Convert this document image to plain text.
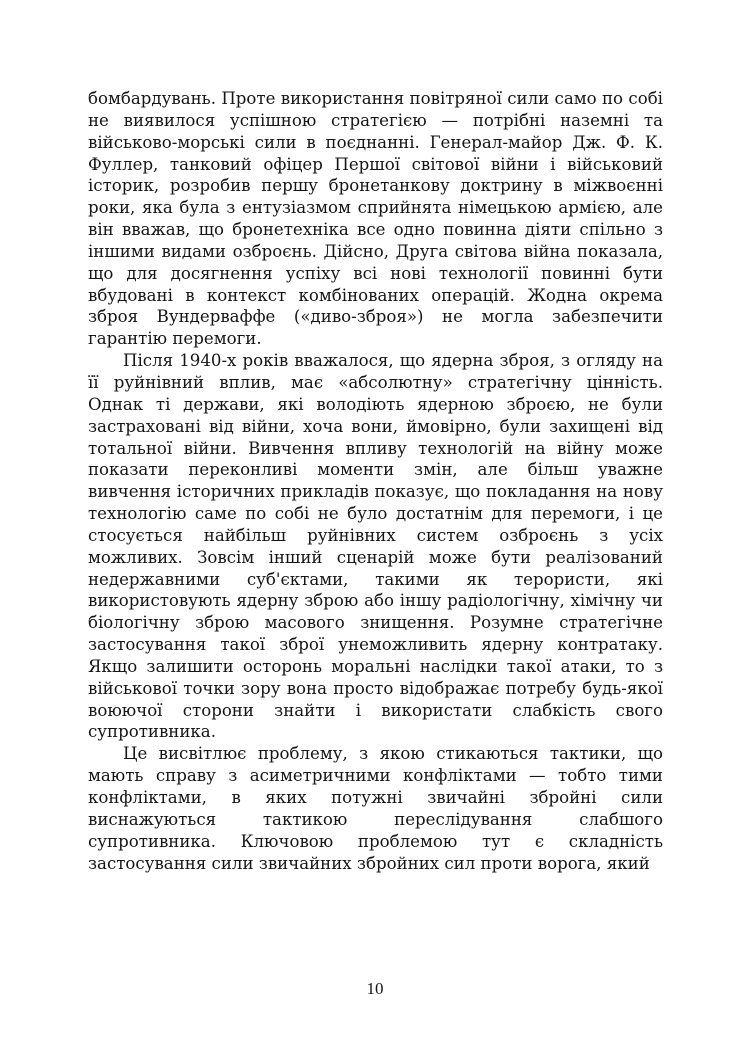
бомбардувань. Проте використання повітряної сили само по собі не виявилося успішною стратегією — потрібні наземні та військово-морські сили в поєднанні. Генерал-майор Дж. Ф. К. Фуллер, танковий офіцер Першої світової війни і військовий історик, розробив першу бронетанкову доктрину в міжвоєнні роки, яка була з ентузіазмом сприйнята німецькою армією, але він вважав, що бронетехніка все одно повинна діяти спільно з іншими видами озброєнь. Дійсно, Друга світова війна показала, що для досягнення успіху всі нові технології повинні бути вбудовані в контекст комбінованих операцій. Жодна окрема зброя Вундерваффе («диво-зброя») не могла забезпечити гарантію перемоги.

Після 1940-х років вважалося, що ядерна зброя, з огляду на її руйнівний вплив, має «абсолютну» стратегічну цінність. Однак ті держави, які володіють ядерною зброєю, не були застраховані від війни, хоча вони, ймовірно, були захищені від тотальної війни. Вивчення впливу технологій на війну може показати переконливі моменти змін, але більш уважне вивчення історичних прикладів показує, що покладання на нову технологію саме по собі не було достатнім для перемоги, і це стосується найбільш руйнівних систем озброєнь з усіх можливих. Зовсім інший сценарій може бути реалізований недержавними суб'єктами, такими як терористи, які використовують ядерну зброю або іншу радіологічну, хімічну чи біологічну зброю масового знищення. Розумне стратегічне застосування такої зброї унеможливить ядерну контратаку. Якщо залишити осторонь моральні наслідки такої атаки, то з військової точки зору вона просто відображає потребу будь-якої воюючої сторони знайти і використати слабкість свого супротивника.

Це висвітлює проблему, з якою стикаються тактики, що мають справу з асиметричними конфліктами — тобто тими конфліктами, в яких потужні звичайні збройні сили виснажуються тактикою переслідування слабшого супротивника. Ключовою проблемою тут є складність застосування сили звичайних збройних сил проти ворога, який

10
